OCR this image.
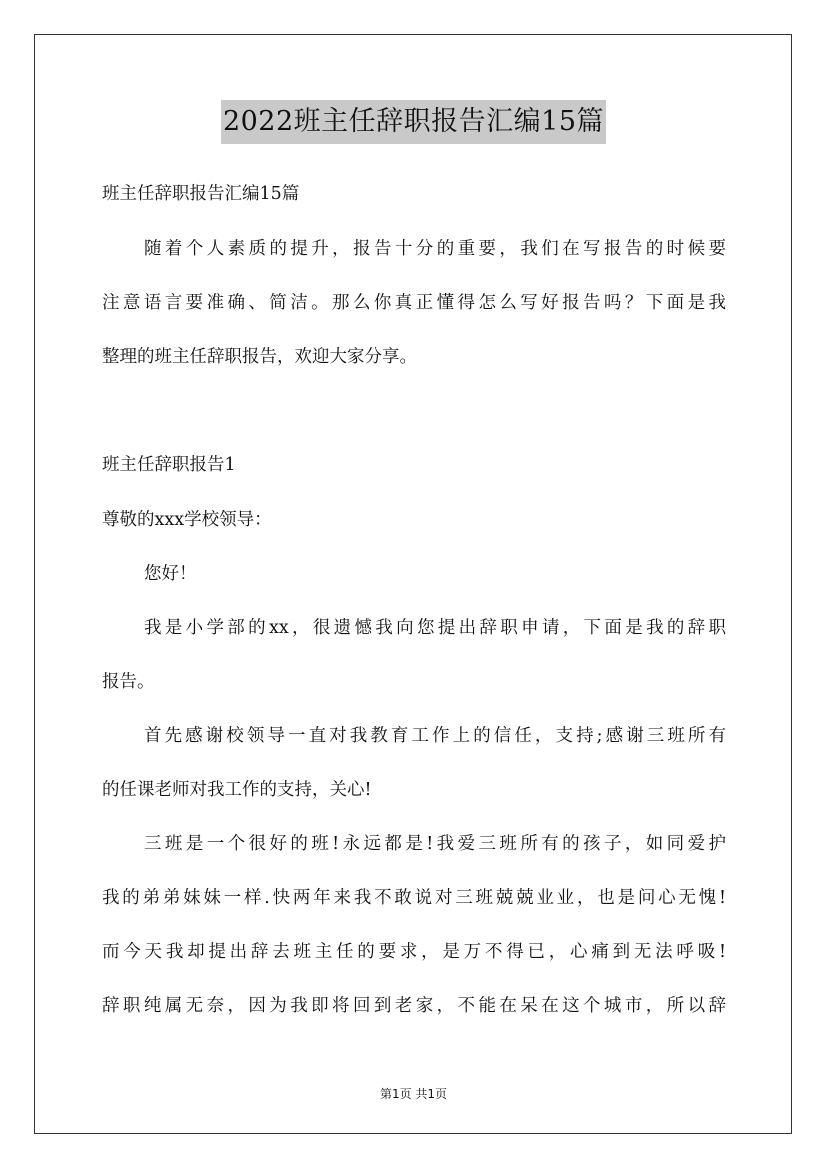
2022班主任辞职报告汇编15篇
班主任辞职报告汇编15篇
随着个人素质的提升，报告十分的重要，我们在写报告的时候要
注意语言要准确、简洁。那么你真正懂得怎么写好报告吗？下面是我
整理的班主任辞职报告，欢迎大家分享。
班主任辞职报告1
尊敬的xxx学校领导：
您好！
我是小学部的xx，很遗憾我向您提出辞职申请，下面是我的辞职
报告。
首先感谢校领导一直对我教育工作上的信任，支持;感谢三班所有
的任课老师对我工作的支持，关心!
三班是一个很好的班!永远都是!我爱三班所有的孩子，如同爱护
我的弟弟妹妹一样.快两年来我不敢说对三班兢兢业业，也是问心无愧!
而今天我却提出辞去班主任的要求，是万不得已，心痛到无法呼吸!
辞职纯属无奈，因为我即将回到老家，不能在呆在这个城市，所以辞
第1页 共1页
